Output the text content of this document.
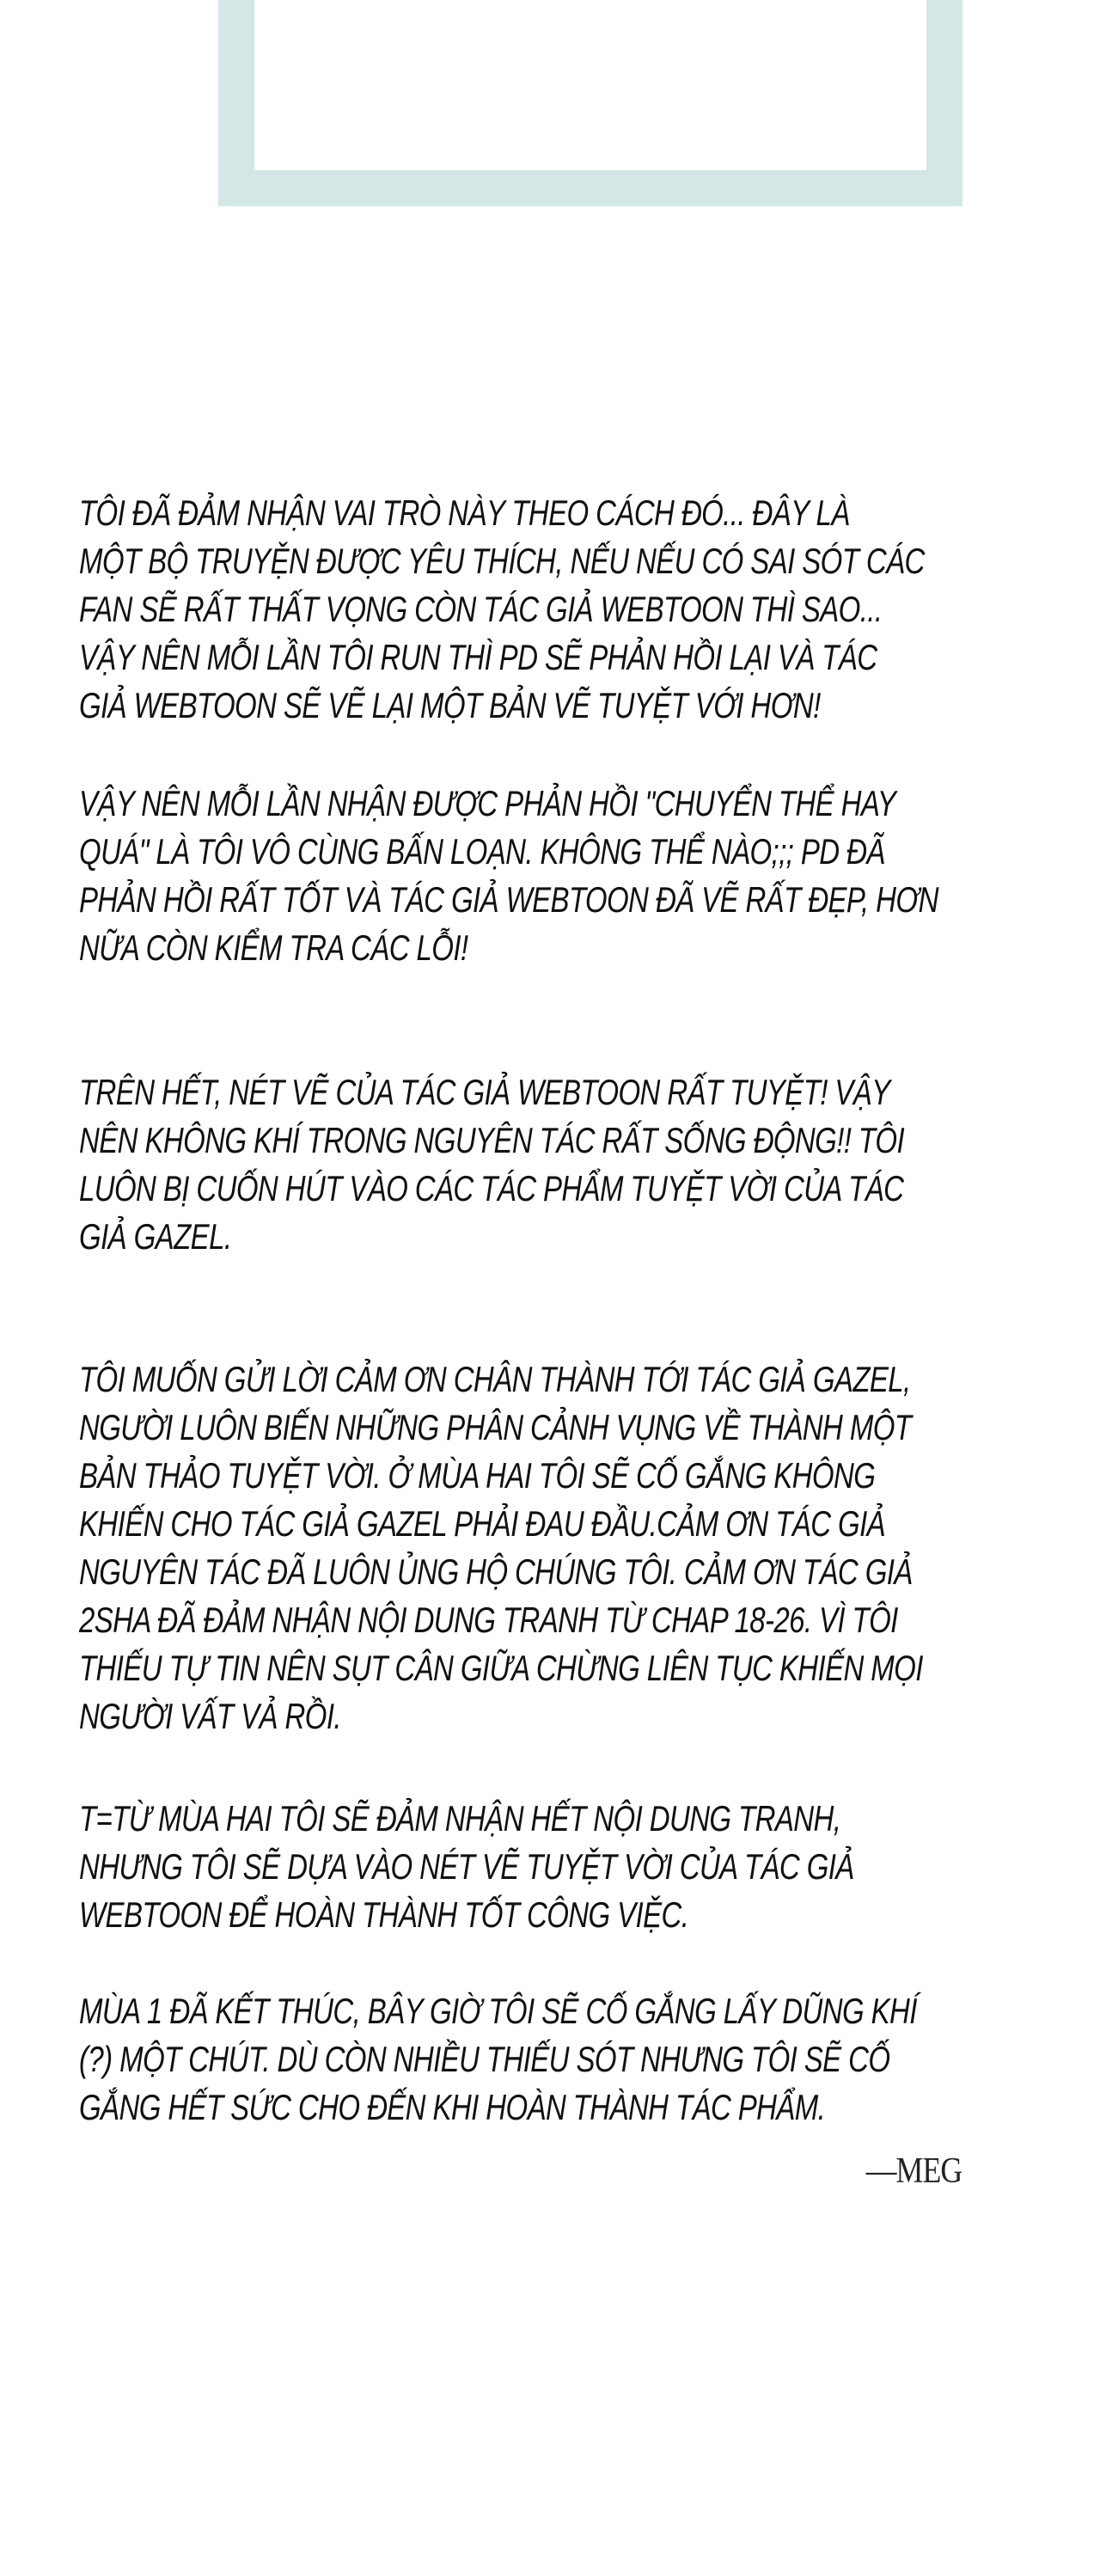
TÔI ĐÃ ĐẢM NHẬN VAI TRÒ NÀY THEO CÁCH ĐÓ... ĐÂY LÀ
MỘT BỘ TRUYỆN ĐƯỢC YÊU THÍCH, NẾU NẾU CÓ SAI SÓT CÁC
FAN SẼ RẤT THẤT VỌNG CÒN TÁC GIẢ WEBTOON THÌ SAO...
VẬY NÊN MỖI LẦN TÔI RUN THÌ PD SẼ PHẢN HỒI LẠI VÀ TÁC
GIẢ WEBTOON SẼ VẼ LẠI MỘT BẢN VẼ TUYỆT VỚI HƠN!
VẬY NÊN MỖI LẦN NHẬN ĐƯỢC PHẢN HỒI "CHUYỂN THỂ HAY
QUÁ" LÀ TÔI VÔ CÙNG BẤN LOẠN. KHÔNG THỂ NÀO;;; PD ĐÃ
PHẢN HỒI RẤT TỐT VÀ TÁC GIẢ WEBTOON ĐÃ VẼ RẤT ĐẸP, HƠN
NỮA CÒN KIỂM TRA CÁC LỖI!
TRÊN HẾT, NÉT VẼ CỦA TÁC GIẢ WEBTOON RẤT TUYỆT! VẬY
NÊN KHÔNG KHÍ TRONG NGUYÊN TÁC RẤT SỐNG ĐỘNG!! TÔI
LUÔN BỊ CUỐN HÚT VÀO CÁC TÁC PHẨM TUYỆT VỜI CỦA TÁC
GIẢ GAZEL.
TÔI MUỐN GỬI LỜI CẢM ƠN CHÂN THÀNH TỚI TÁC GIẢ GAZEL,
NGƯỜI LUÔN BIẾN NHỮNG PHÂN CẢNH VỤNG VỀ THÀNH MỘT
BẢN THẢO TUYỆT VỜI. Ở MÙA HAI TÔI SẼ CỐ GẮNG KHÔNG
KHIẾN CHO TÁC GIẢ GAZEL PHẢI ĐAU ĐẦU.CẢM ƠN TÁC GIẢ
NGUYÊN TÁC ĐÃ LUÔN ỦNG HỘ CHÚNG TÔI. CẢM ƠN TÁC GIẢ
2SHA ĐÃ ĐẢM NHẬN NỘI DUNG TRANH TỪ CHAP 18-26. VÌ TÔI
THIẾU TỰ TIN NÊN SỤT CÂN GIỮA CHỪNG LIÊN TỤC KHIẾN MỌI
NGƯỜI VẤT VẢ RỒI.
T=TỪ MÙA HAI TÔI SẼ ĐẢM NHẬN HẾT NỘI DUNG TRANH,
NHƯNG TÔI SẼ DỰA VÀO NÉT VẼ TUYỆT VỜI CỦA TÁC GIẢ
WEBTOON ĐỂ HOÀN THÀNH TỐT CÔNG VIỆC.
MÙA 1 ĐÃ KẾT THÚC, BÂY GIỜ TÔI SẼ CỐ GẮNG LẤY DŨNG KHÍ
(?) MỘT CHÚT. DÙ CÒN NHIỀU THIẾU SÓT NHƯNG TÔI SẼ CỐ
GẮNG HẾT SỨC CHO ĐẾN KHI HOÀN THÀNH TÁC PHẨM.
—MEG
